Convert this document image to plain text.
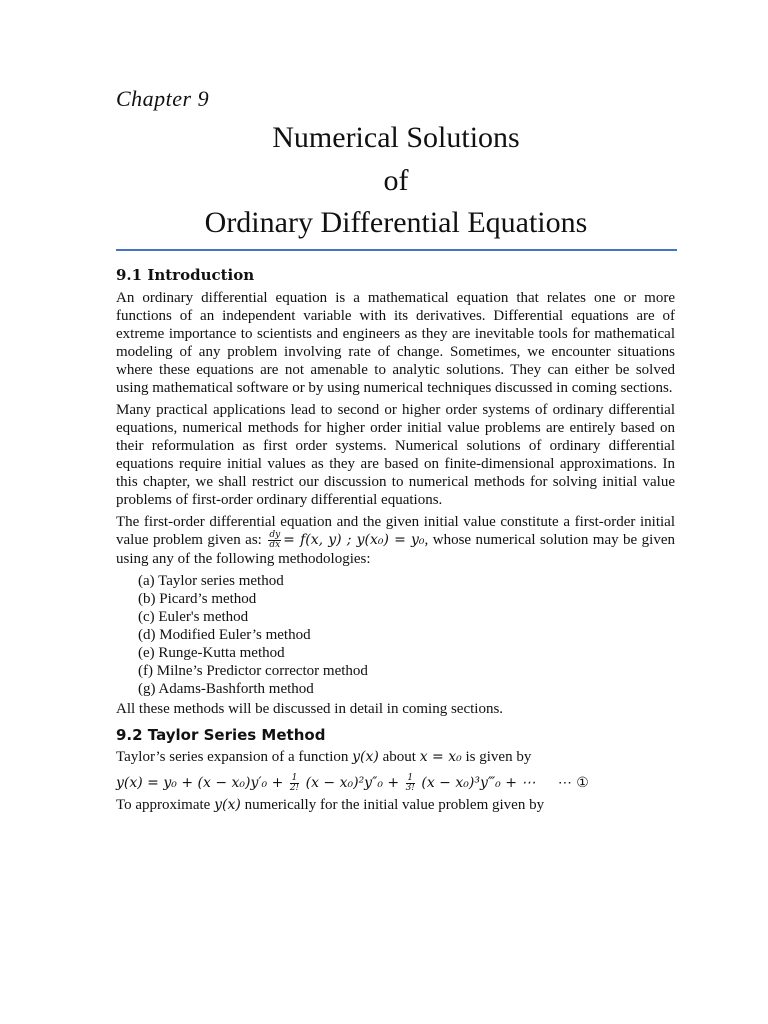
Chapter 9
Numerical Solutions
of
Ordinary Differential Equations
9.1 Introduction

An ordinary differential equation is a mathematical equation that relates one or more functions of an independent variable with its derivatives. Differential equations are of extreme importance to scientists and engineers as they are inevitable tools for mathematical modeling of any problem involving rate of change. Sometimes, we encounter situations where these equations are not amenable to analytic solutions. They can either be solved using mathematical software or by using numerical techniques discussed in coming sections.

Many practical applications lead to second or higher order systems of ordinary differential equations, numerical methods for higher order initial value problems are entirely based on their reformulation as first order systems. Numerical solutions of ordinary differential equations require initial values as they are based on finite-dimensional approximations. In this chapter, we shall restrict our discussion to numerical methods for solving initial value problems of first-order ordinary differential equations.

The first-order differential equation and the given initial value constitute a first-order initial value problem given as: $\frac{dy}{dx} = f(x$, y) ; y(x₀) = y₀, whose numerical solution may be given using any of the following methodologies:

(a) Taylor series method
(b) Picard’s method
(c) Euler's method
(d) Modified Euler’s method
(e) Runge-Kutta method
(f) Milne’s Predictor corrector method
(g) Adams-Bashforth method

All these methods will be discussed in detail in coming sections.

9.2 Taylor Series Method

Taylor’s series expansion of a function y(x) about x = x₀ is given by

$y(x) = y_0 + (x - x_0)y'_0 + \frac{1}{2!} (x - x_0)^2y''_0 + \frac{1}{3!} (x$ − x₀)³y‴₀ + ⋯ ⋯ ①

To approximate y(x) numerically for the initial value problem given by
